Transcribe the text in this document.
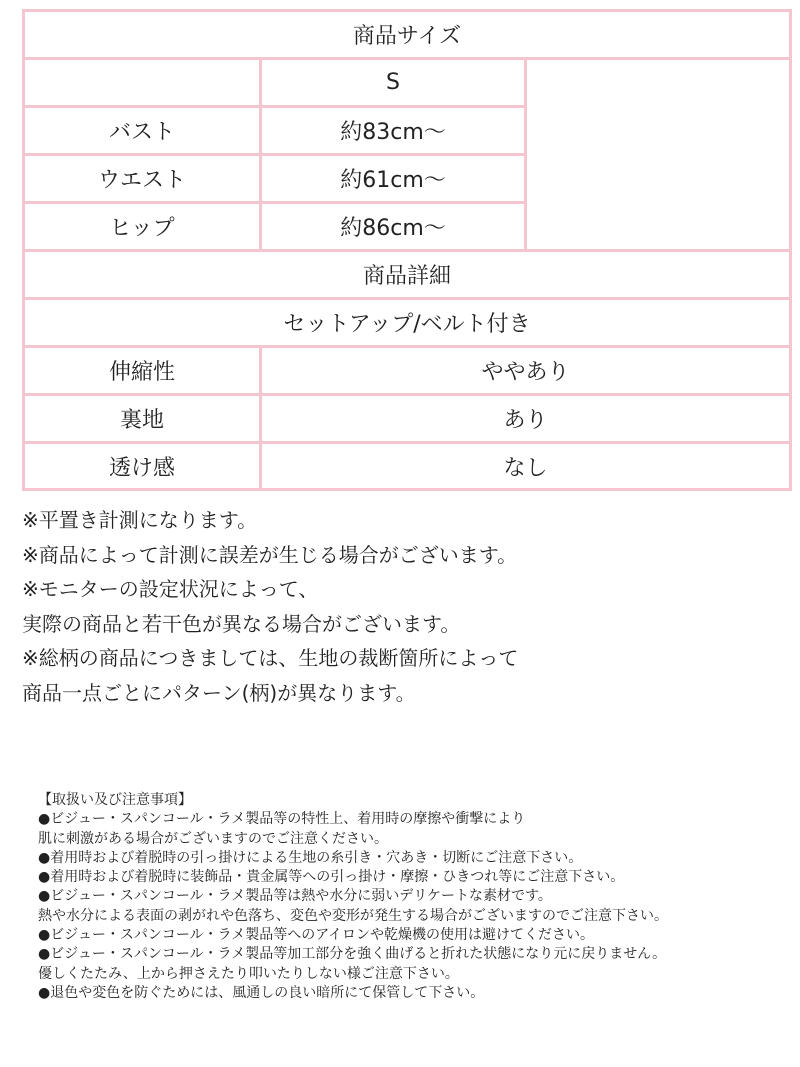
商品サイズ
S
バスト	約83cm〜
ウエスト	約61cm〜
ヒップ	約86cm〜
商品詳細
セットアップ/ベルト付き
伸縮性	ややあり
裏地	あり
透け感	なし
※平置き計測になります。
※商品によって計測に誤差が生じる場合がございます。
※モニターの設定状況によって、
実際の商品と若干色が異なる場合がございます。
※総柄の商品につきましては、生地の裁断箇所によって
商品一点ごとにパターン(柄)が異なります。
【取扱い及び注意事項】
●ビジュー・スパンコール・ラメ製品等の特性上、着用時の摩擦や衝撃により
肌に刺激がある場合がございますのでご注意ください。
●着用時および着脱時の引っ掛けによる生地の糸引き・穴あき・切断にご注意下さい。
●着用時および着脱時に装飾品・貴金属等への引っ掛け・摩擦・ひきつれ等にご注意下さい。
●ビジュー・スパンコール・ラメ製品等は熱や水分に弱いデリケートな素材です。
熱や水分による表面の剥がれや色落ち、変色や変形が発生する場合がございますのでご注意下さい。
●ビジュー・スパンコール・ラメ製品等へのアイロンや乾燥機の使用は避けてください。
●ビジュー・スパンコール・ラメ製品等加工部分を強く曲げると折れた状態になり元に戻りません。
優しくたたみ、上から押さえたり叩いたりしない様ご注意下さい。
●退色や変色を防ぐためには、風通しの良い暗所にて保管して下さい。
